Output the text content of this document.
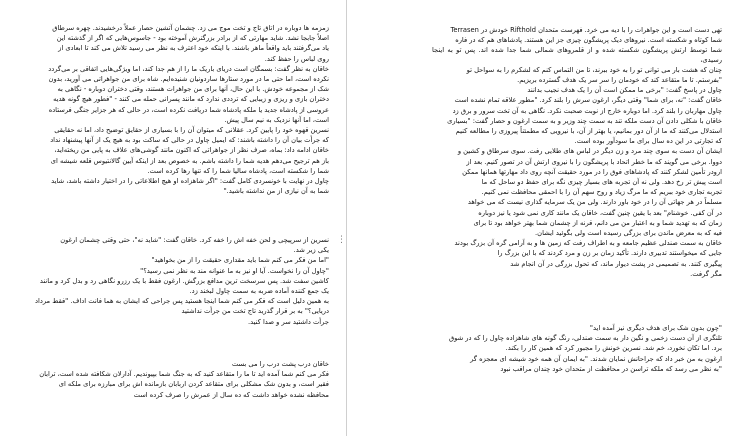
زمزمه ها دوباره در اتاق تاج و تخت موج می زد. چشمان آتشین حصار عملاً درخشیدند. چهره سرطاق

اصلاً جابجا نشد. شاید مهارتی که از برادر بزرگترش آموخته بود - جاسوس‌هایی که اگر از گذشته این

یاد می‌گرفتند باید واقعاً ماهر باشند. با اینکه خود اعترف به نظر می رسید تلاش می کند تا ابعادی از

روی لباس را حفظ کند.

خاقان به نظر گفت: بسمگان است دریای باریک ما را از هم جدا کند، اما ویژگی‌هایی اتفاقی بر می‌گردد

نکرده است، اما حتی ما در مورد ستارها ساردونیان شنیده‌ایم. شاه برای من جواهراتی می آورید، بدون

شک از مجموعه خودش. با این حال، آنها برای من جواهرات هستند، وقتی دختران دوباره - نگاهی به

دختران بازی و ریزی و زیبایی که ترددی ندارد که مانند پسرانی حمله می کنند - "فطور هیچ گونه هدیه

عروسی از پادشاه جدید یا ملکه پادشاه شما دریافت نکرده است، در حالی که هر جزایر جنگی فرستاده

است، اما آنها نزدیک به نیم سال پیش.

نسرین قهوه خود را پایین کرد. عقلانی که میتوان آن را با بسیاری از حقایق توضیح داد، اما نه حقایقی

که جرأت بیان آن را داشته باشند: که ایمیل چاول در حالی که ساکت بود به هیچ یک از آنها پیشنهاد نداد

خاقان ادامه داد: بماه، صرف نظر از جواهراتی که اکنون مانند گوشی‌های علاف به پایی من ریخته‌اید،

باز هم ترجیح می‌دهم هدیه شما را داشته باشم. به خصوص بعد از اینکه آیین گالانتیوس قلعه شیشه ای

شما را شکسته است، پادشاه سالیا شما را که تنها رها کرده است.

چاول در نهایت با خونسردی کامل گفت: "اگر شاهزاده او هیچ اطلاعاتی را در اختیار داشته باشد، شاید

شما به آن نیازی از من نداشته باشید."

نسرین از سرپیچی و لحن خفه اش را خفه کرد. خاقان گفت: "شاید نه"، حتی وقتی چشمان ارغون

یکی زیر شد.

"اما من فکر می کنم شما باید مقداری حقیقت را از من بخواهید"

"چاول آن را نخواست. آیا او نیز به ما عنوانه مند به نظر نمی رسید؟"

کاشین سفت شد. پس سرسخت ترین مدافع بزرگش. ارغون فقط با یک رزرو نگاهی رد و بدل کرد و مانند

یک جمع کننده آماده ضربه به سمت چاول لبخند زد.

به همین دلیل است که فکر می کنم شما اینجا هستید پس جراحی که ایشان به هما فانت اداف. "فقط مرداد

دریایی؟" به بر قرار گذرید تاج تخت من جرأت نداشتید

جرأت داشتید سر و صدا کنید.

خاقان درب پشت درب را می بست

فکر می کنم شما آمده اید تا ما را متقاعد کنید که به جنگ شما بپیوندیم. آدارلان شکافته شده است، ترابان

فقیر است، و بدون شک مشکلی برای متقاعد کردن اربابان بازمانده اش برای مبارزه برای ملکه ای

محافظه نشده خواهد داشت که ده سال از عمرش را صرف کرده است

⋮

تهی دست است و این جواهرات را با دیه می خرد. فهرست متحدان Rifthold خودش در Terrasen

شما کوتاه و شکسته است. نیروهای دیک پریشگون چیزی جز این هستند. پادشاهای هم که در فاره

شما توسط ارتش پریشگون شکسته شده و از قلمروهای شمالی شما جدا شده اند. پس تو به اینجا رسیدی،

چنان که هشت بار می توانی تو را به خود ببرند، تا من التماس کنم که لشکرم را به سواحل تو

"بفرستم. تا ما متقاعد کند که خودمان را سر سر یک هدف گسترده بریزیم.

چاول در پاسخ گفت: "برخی ما ممکن است آن را یک هدف نجیب بدانند

خاقان گفت: "نه، برای شما" وقتی دیگر، ارغون سرش را بلند کرد. "مطور علاقه تمام نشده است

چاول مهاربان را بلند کرد. اما دوباره خارج از نوبت صحبت نکرد. نگاهی به آن تخت سرور و برق زد

خاقان با شکلی دادن آن دست ملکه تند به سمت چند وزیر و به سمت ارغون و حصار گفت: "بسیاری

استدلال می‌کنند که ما از آن دور بمانیم، یا بهتر از آن، با نیرویی که مطمئناً پیروزی را مطالعه کنیم

که تجارتی در این ده سال برای ما سودآور بوده است.

ایشان آن دست به سوی چند مرد و زن دیگر در لباس های طلایی رفت. سوی سرطاق و کشین و

دووا. برخی می گویند که ما خطر اتحاد با پریشگون را با نیروی ارتش آن در تصور کنیم. بعد از

ارودر تأمین لشکر کنند که پادشاهای فوق را در مورد حقیقت آنچه روی داد مهارتها همانها ممکن

است پیش تر رخ دهد. ولی نه آن تجربه های بسیار چیزی نگه برای حفظ دو ساحل که ما

تجربه تجاری خود ببریم که ما مرگ زیاد و روح سهم آن را با احمقی محافظت نمی کنیم.

مسلماً در هر جهاتی آن را در خود باور دارند. ولی من یک سرمایه گذاری نیست که می خواهد

در آن کفی. خوشنام" بعد با یقین چنین گفت، خاقان یک مانند کاری نمی شود یا نیز دوباره

زمان که به تهدید شما و به اعتبار من می دانم، قرنه از چشمان شما بهتر خواهد بود تا برای

فیه که به معرض ماندن برای بزرگی رسیده است ولی بگوئید ایشان.

خاقان به سمت صندلی عظیم جامعه و به اطراف رفت که زمین ها و به آرامی گره آن بزرگ بودند

جایی که میخواستند تدبیری دارند. تأکید زمان بر زن و مرد کردند که با این بزرگ را

پیگیری کنند. به تصمیمی در پشت دیوار ماند، که تحول بزرگی در آن انجام شد

مگر گرفت.

"چون بدون شک برای هدف دیگری نیز آمده اید"

تلنگری از آن دست زخمی و نگین دار به سمت صندلی، رنگ گونه های شاهزاده چاول را که در شوق

برد. اما تکان نخورد، خم شد. نسرین خونش را مجبور کرد که همین کار را بکند.

ارغون به من خبر داد که جراحانش نمایان شدند. "به ایمان آن همه خود شیشه ای معجزه گر

"به نظر می رسد که ملکه تراسن در محافظت از متحدان خود چندان مراقب نبود
